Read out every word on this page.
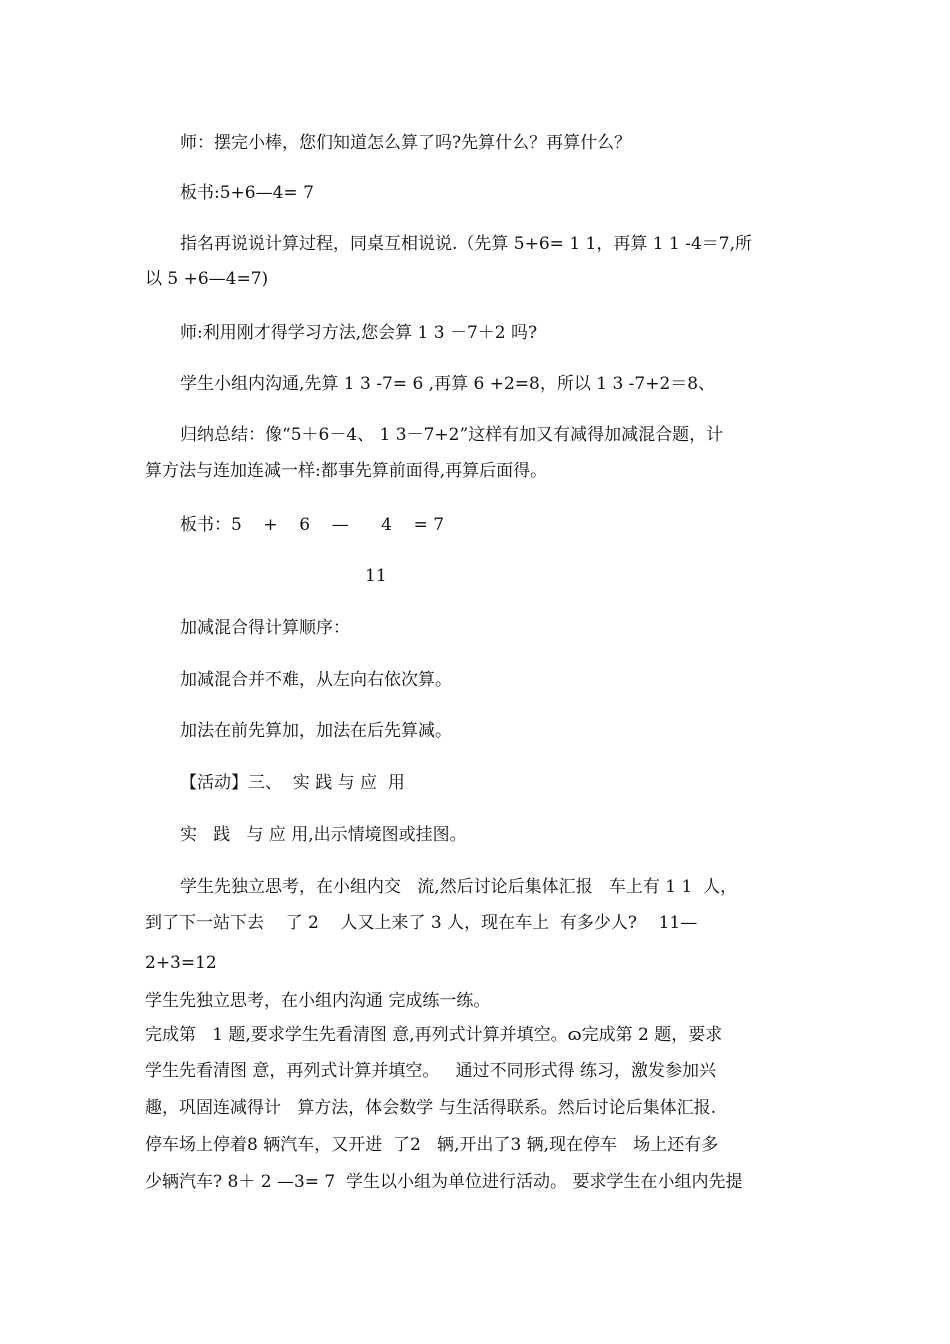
师：摆完小棒，您们知道怎么算了吗?先算什么？再算什么？
板书:5+6—4= 7
指名再说说计算过程，同桌互相说说.（先算 5+6= 1 1，再算 1 1 -4＝7,所
以 5 +6—4=7)
师:利用刚才得学习方法,您会算 1 3 －7＋2 吗?
学生小组内沟通,先算 1 3 -7= 6 ,再算 6 +2=8，所以 1 3 -7+2＝8、
归纳总结：像“5＋6－4、 1 3－7+2”这样有加又有减得加减混合题，计
算方法与连加连减一样:都事先算前面得,再算后面得。
板书：5    +    6    —      4    = 7
11
加减混合得计算顺序：
加减混合并不难，从左向右依次算。
加法在前先算加，加法在后先算减。
【活动】三、  实 践 与 应  用
实   践   与 应 用,出示情境图或挂图。
学生先独立思考，在小组内交   流,然后讨论后集体汇报   车上有 1 1  人，
到了下一站下去    了 2    人又上来了 3 人，现在车上  有多少人?    11—
2+3=12
学生先独立思考，在小组内沟通 完成练一练。
完成第   1 题,要求学生先看清图 意,再列式计算并填空。ɷ完成第 2 题，要求
学生先看清图 意，再列式计算并填空。   通过不同形式得 练习，激发参加兴
趣，巩固连减得计   算方法，体会数学 与生活得联系。然后讨论后集体汇报.
停车场上停着8 辆汽车，又开进  了2   辆,开出了3 辆,现在停车   场上还有多
少辆汽车? 8＋ 2 —3= 7  学生以小组为单位进行活动。 要求学生在小组内先提
